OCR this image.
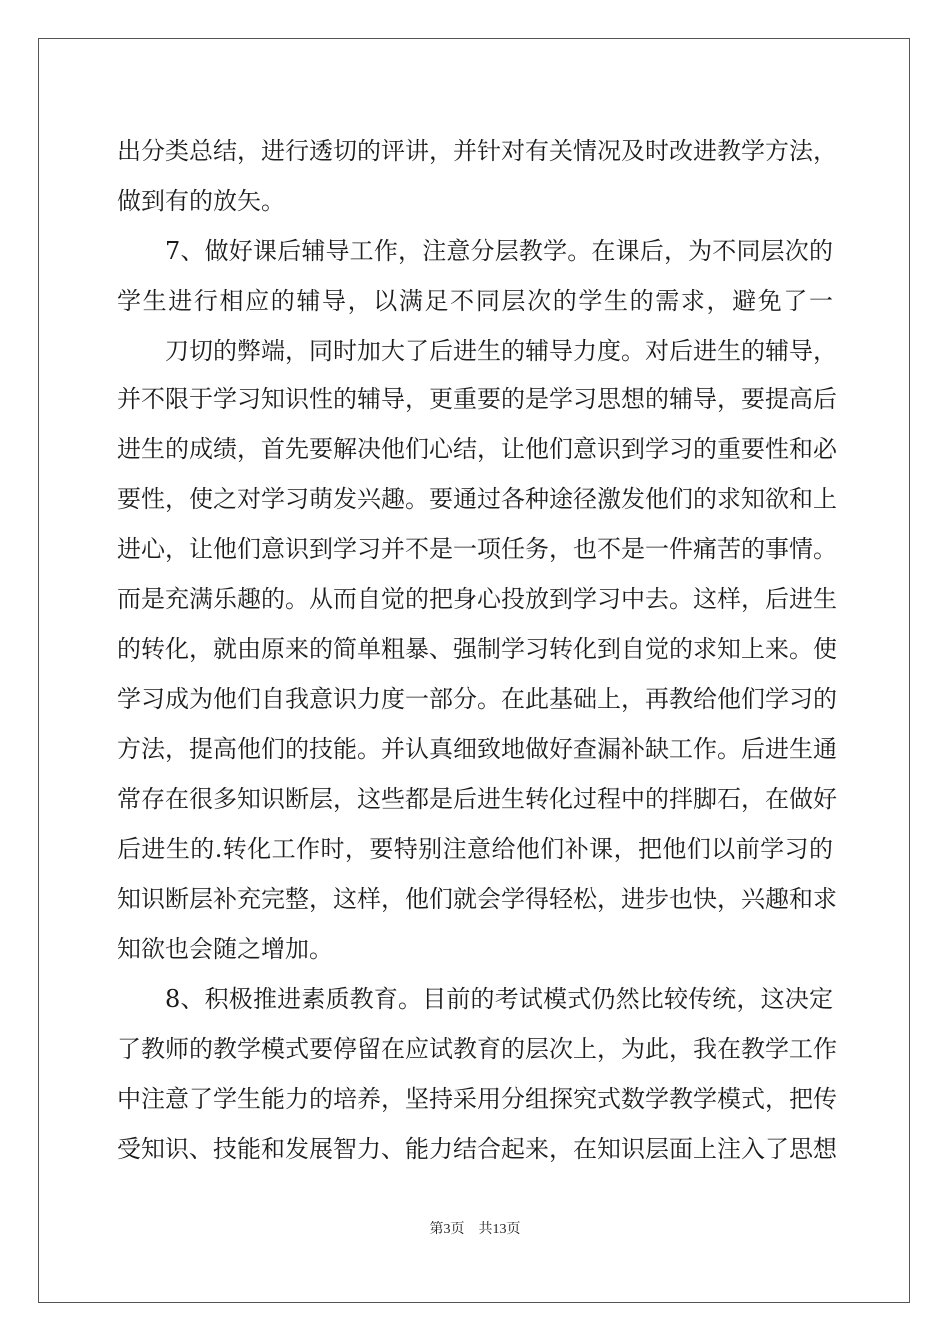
出分类总结，进行透切的评讲，并针对有关情况及时改进教学方法，
做到有的放矢。
7、做好课后辅导工作，注意分层教学。在课后，为不同层次的
学生进行相应的辅导，以满足不同层次的学生的需求，避免了一
刀切的弊端，同时加大了后进生的辅导力度。对后进生的辅导，
并不限于学习知识性的辅导，更重要的是学习思想的辅导，要提高后
进生的成绩，首先要解决他们心结，让他们意识到学习的重要性和必
要性，使之对学习萌发兴趣。要通过各种途径激发他们的求知欲和上
进心，让他们意识到学习并不是一项任务，也不是一件痛苦的事情。
而是充满乐趣的。从而自觉的把身心投放到学习中去。这样，后进生
的转化，就由原来的简单粗暴、强制学习转化到自觉的求知上来。使
学习成为他们自我意识力度一部分。在此基础上，再教给他们学习的
方法，提高他们的技能。并认真细致地做好查漏补缺工作。后进生通
常存在很多知识断层，这些都是后进生转化过程中的拌脚石，在做好
后进生的.转化工作时，要特别注意给他们补课，把他们以前学习的
知识断层补充完整，这样，他们就会学得轻松，进步也快，兴趣和求
知欲也会随之增加。
8、积极推进素质教育。目前的考试模式仍然比较传统，这决定
了教师的教学模式要停留在应试教育的层次上，为此，我在教学工作
中注意了学生能力的培养，坚持采用分组探究式数学教学模式，把传
受知识、技能和发展智力、能力结合起来，在知识层面上注入了思想
第3页　共13页
